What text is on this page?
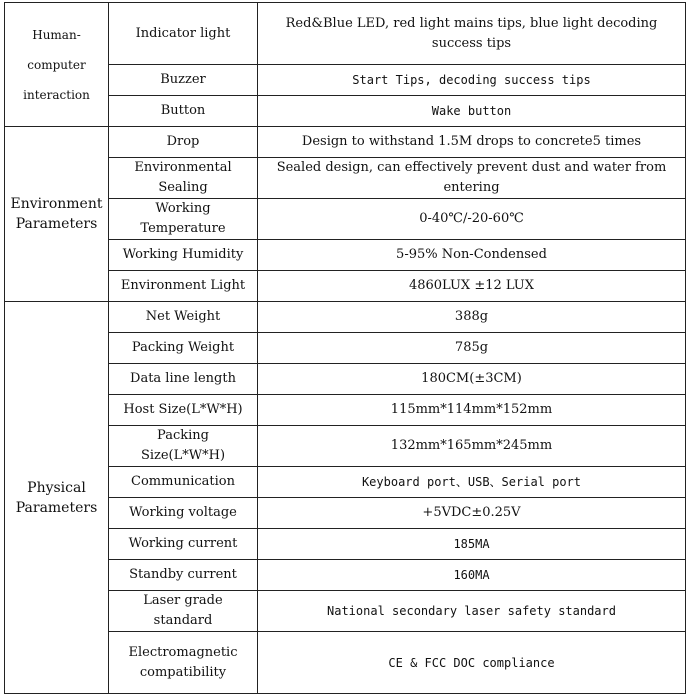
Human-computer interaction	Indicator light	Red&Blue LED, red light mains tips, blue light decoding success tips
	Buzzer	Start Tips, decoding success tips
	Button	Wake button
Environment Parameters	Drop	Design to withstand 1.5M drops to concrete5 times
	Environmental Sealing	Sealed design, can effectively prevent dust and water from entering
	Working Temperature	0-40℃/-20-60℃
	Working Humidity	5-95% Non-Condensed
	Environment Light	4860LUX ±12 LUX
Physical Parameters	Net Weight	388g
	Packing Weight	785g
	Data line length	180CM(±3CM)
	Host Size(L*W*H)	115mm*114mm*152mm
	Packing Size(L*W*H)	132mm*165mm*245mm
	Communication	Keyboard port、USB、Serial port
	Working voltage	+5VDC±0.25V
	Working current	185MA
	Standby current	160MA
	Laser grade standard	National secondary laser safety standard
	Electromagnetic compatibility	CE & FCC DOC compliance
